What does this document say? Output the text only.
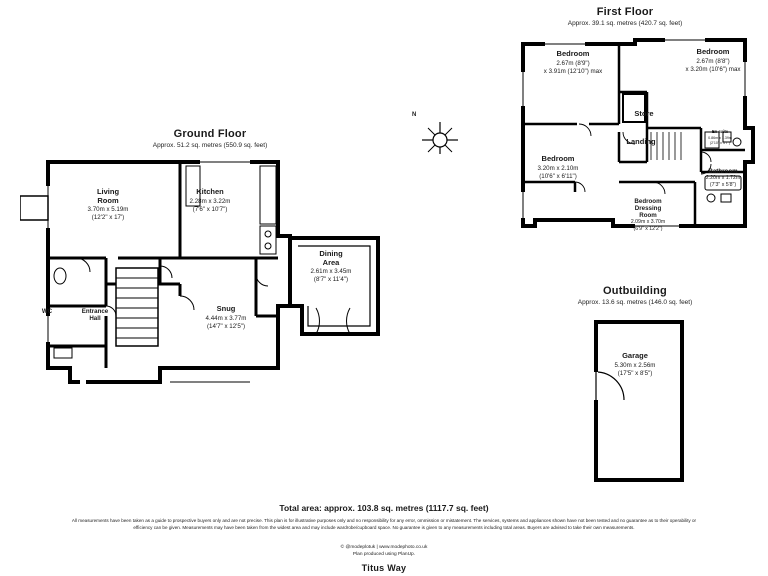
First Floor
Approx. 39.1 sq. metres (420.7 sq. feet)
Bedroom
2.67m (8'9")
x 3.91m (12'10") max
Bedroom
2.67m (8'8")
x 3.20m (10'6") max
Bedroom
3.20m x 2.10m
(10'6" x 6'11")
Bedroom
Dressing
Room
2.09m x 3.70m
(6'9" x 12'2")
Landing
Store
En suite
0.86m x 1.39m
(2'10" x 4'7")
Bathroom
2.20m x 1.72m
(7'3" x 5'8")
N
Ground Floor
Approx. 51.2 sq. metres (550.9 sq. feet)
Living
Room
3.70m x 5.19m
(12'2" x 17')
Kitchen
2.28m x 3.22m
(7'6" x 10'7")
Dining
Area
2.61m x 3.45m
(8'7" x 11'4")
Snug
4.44m x 3.77m
(14'7" x 12'5")
Entrance
Hall
WC
Outbuilding
Approx. 13.6 sq. metres (146.0 sq. feet)
Garage
5.30m x 2.56m
(17'5" x 8'5")
Total area: approx. 103.8 sq. metres (1117.7 sq. feet)
All measurements have been taken as a guide to prospective buyers only and are not precise. This plan is for illustrative purposes only and no responsibility for any error, ommission or mistatement. The services, systems and appliances shown have not been tested and no guarantee as to their operability or efficiency can be given. Measurements may have been taken from the widest area and may include wardrobe/cupboard space. No guarantee is given to any measurements including total areas. Buyers are advised to take their own measurements.
© @modeplotuk | www.modephoto.co.uk
Plan produced using PlanUp.
Titus Way
